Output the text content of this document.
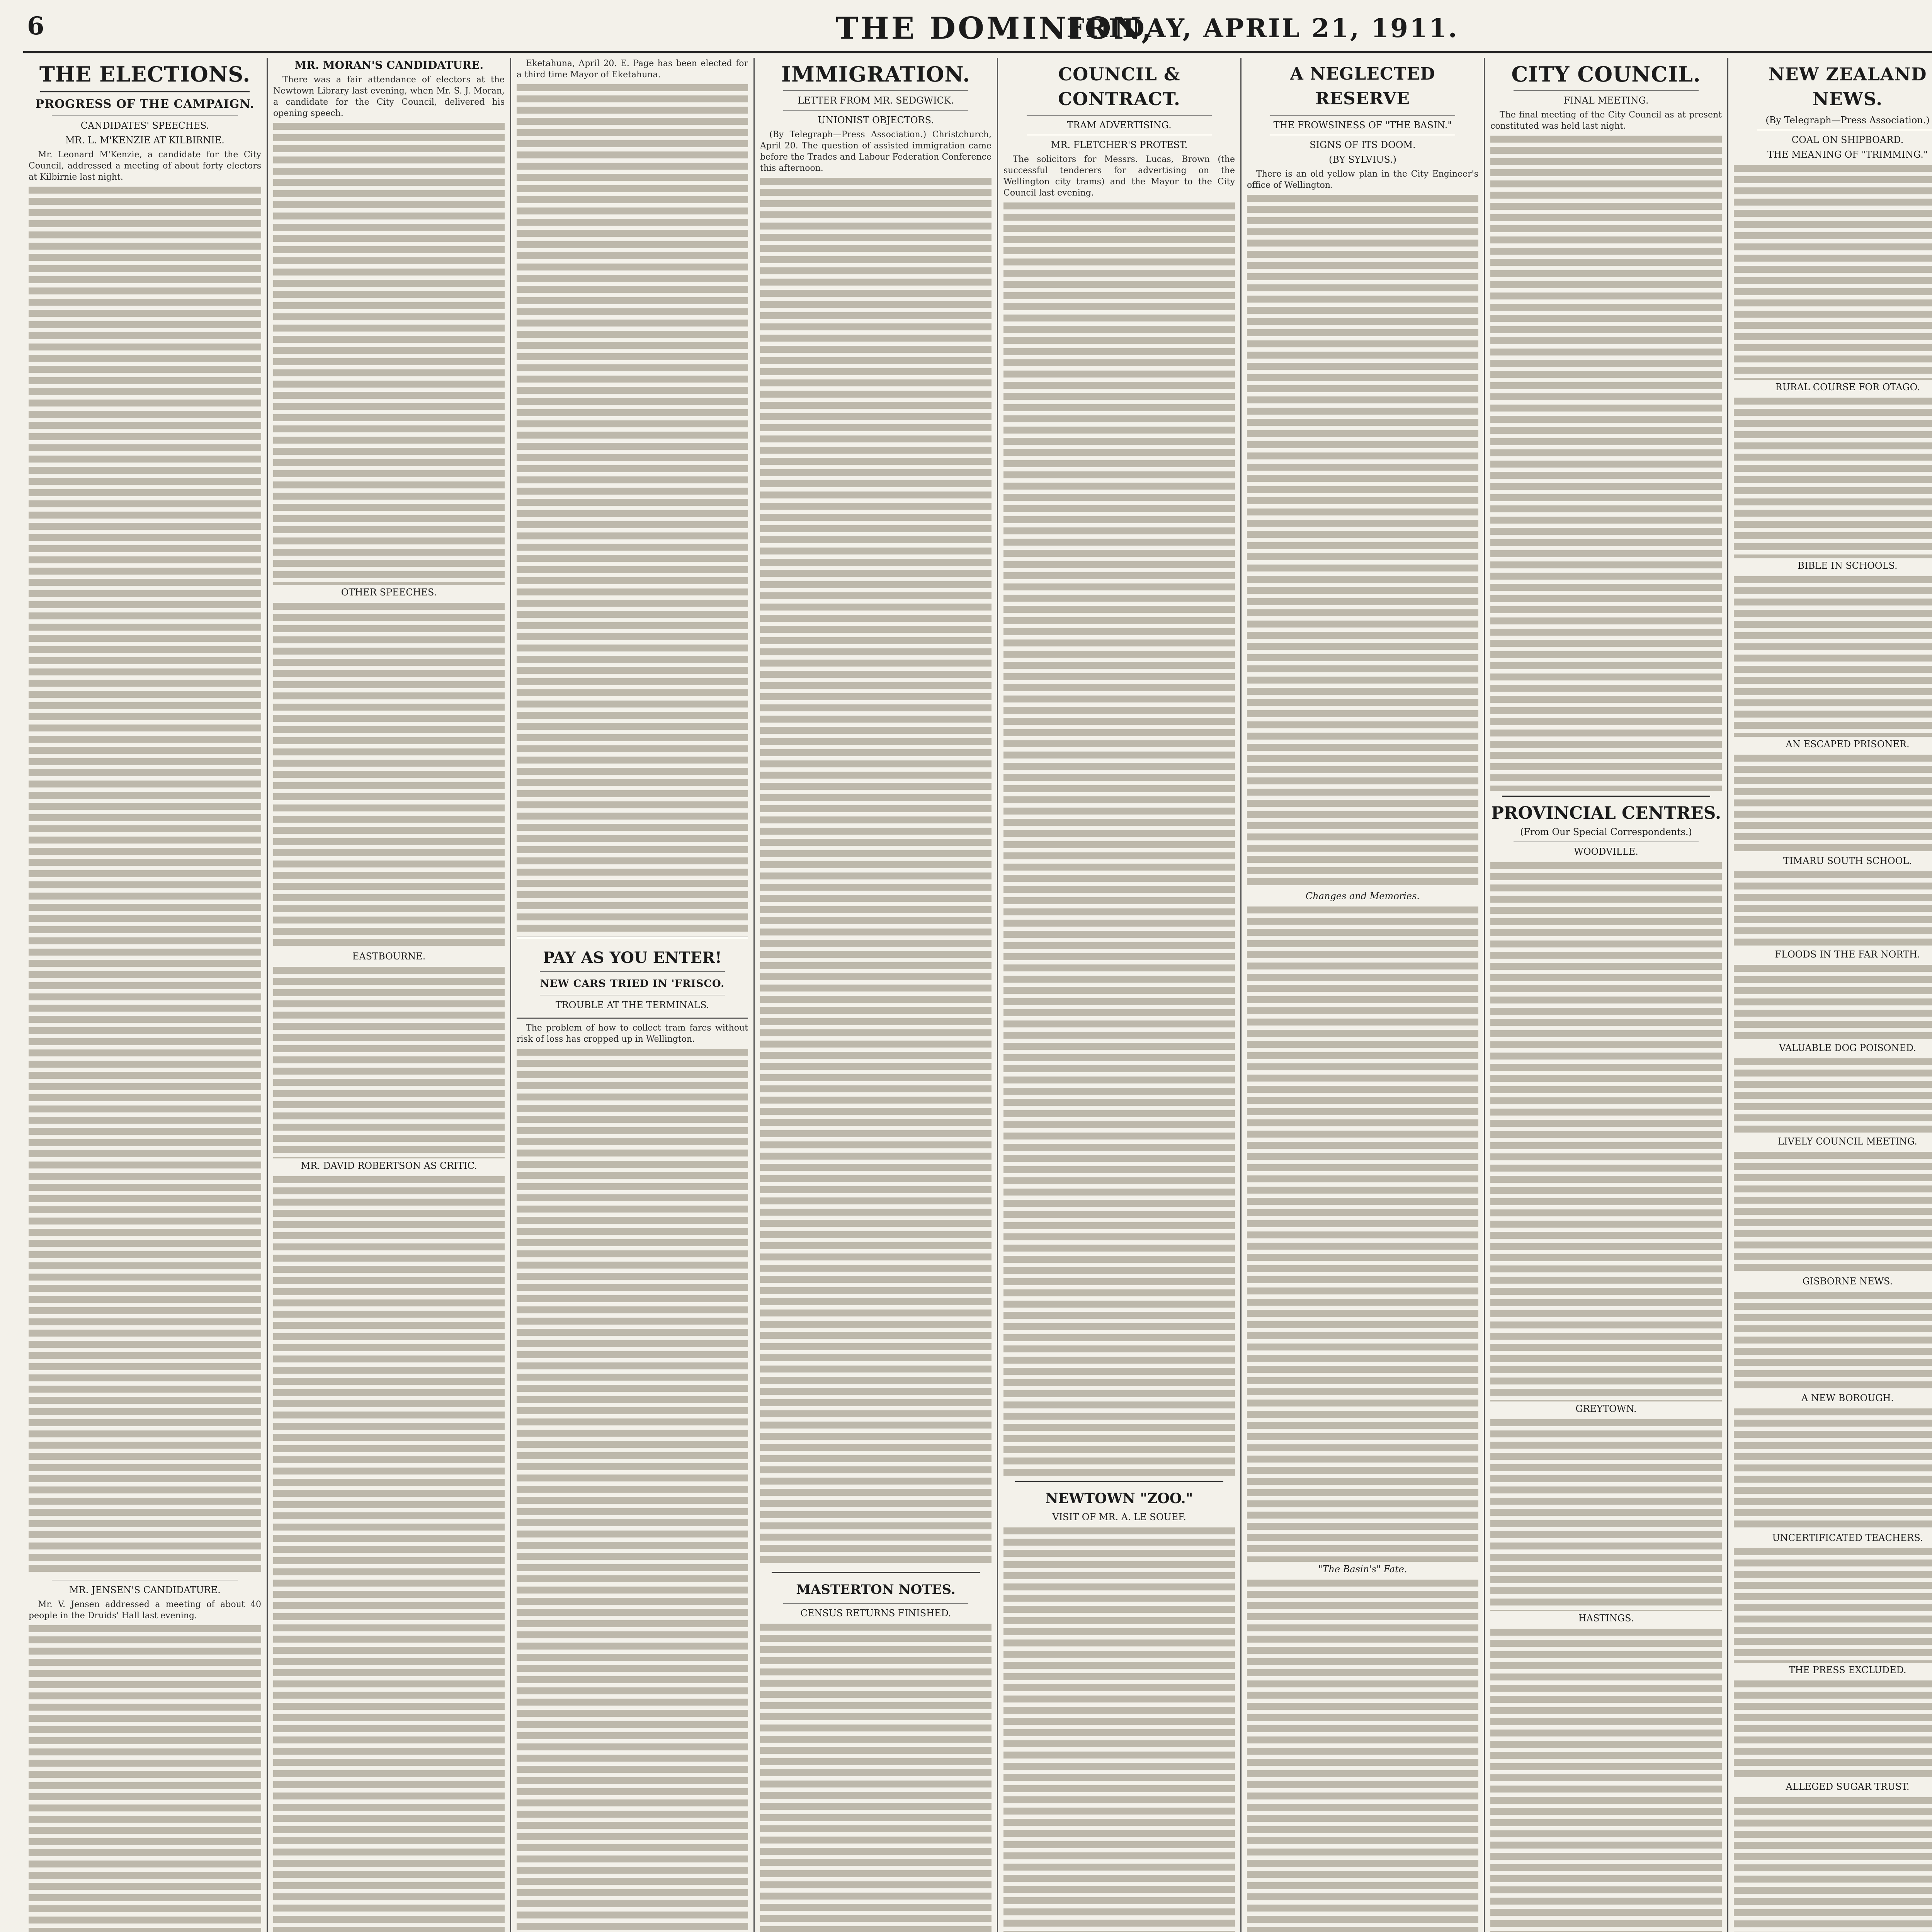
6	THE DOMINION,
FRIDAY, APRIL 21, 1911.
THE ELECTIONS.
PROGRESS OF THE CAMPAIGN.
CANDIDATES' SPEECHES.
MR. L. M'KENZIE AT KILBIRNIE.

Mr. Leonard M'Kenzie, a candidate for the City Council, addressed a meeting of about forty electors at Kilbirnie last night.

MR. JENSEN'S CANDIDATURE.

Mr. V. Jensen addressed a meeting of about 40 people in the Druids' Hall last evening.

MR. MORAN'S CANDIDATURE.

There was a fair attendance of electors at the Newtown Library last evening, when Mr. S. J. Moran, a candidate for the City Council, delivered his opening speech.

OTHER SPEECHES.
EASTBOURNE.
MR. DAVID ROBERTSON AS CRITIC.

Eketahuna, April 20. E. Page has been elected for a third time Mayor of Eketahuna.

PAY AS YOU ENTER!
NEW CARS TRIED IN 'FRISCO.
TROUBLE AT THE TERMINALS.

The problem of how to collect tram fares without risk of loss has cropped up in Wellington.

IMMIGRATION.
LETTER FROM MR. SEDGWICK.
UNIONIST OBJECTORS.

(By Telegraph—Press Association.) Christchurch, April 20. The question of assisted immigration came before the Trades and Labour Federation Conference this afternoon.

MASTERTON NOTES.
CENSUS RETURNS FINISHED.
COUNCIL & CONTRACT.
TRAM ADVERTISING.
MR. FLETCHER'S PROTEST.

The solicitors for Messrs. Lucas, Brown (the successful tenderers for advertising on the Wellington city trams) and the Mayor to the City Council last evening.

NEWTOWN "ZOO."
VISIT OF MR. A. LE SOUEF.
A NEGLECTED RESERVE
THE FROWSINESS OF "THE BASIN."
SIGNS OF ITS DOOM.
(BY SYLVIUS.)

There is an old yellow plan in the City Engineer's office of Wellington.

Changes and Memories.
"The Basin's" Fate.
CITY COUNCIL.
FINAL MEETING.

The final meeting of the City Council as at present constituted was held last night.

PROVINCIAL CENTRES.
(From Our Special Correspondents.)
WOODVILLE.
GREYTOWN.
HASTINGS.
NEW ZEALAND NEWS.
(By Telegraph—Press Association.)
COAL ON SHIPBOARD.
THE MEANING OF "TRIMMING."
RURAL COURSE FOR OTAGO.
BIBLE IN SCHOOLS.
AN ESCAPED PRISONER.
TIMARU SOUTH SCHOOL.
FLOODS IN THE FAR NORTH.
VALUABLE DOG POISONED.
LIVELY COUNCIL MEETING.
GISBORNE NEWS.
A NEW BOROUGH.
UNCERTIFICATED TEACHERS.
THE PRESS EXCLUDED.
ALLEGED SUGAR TRUST.
